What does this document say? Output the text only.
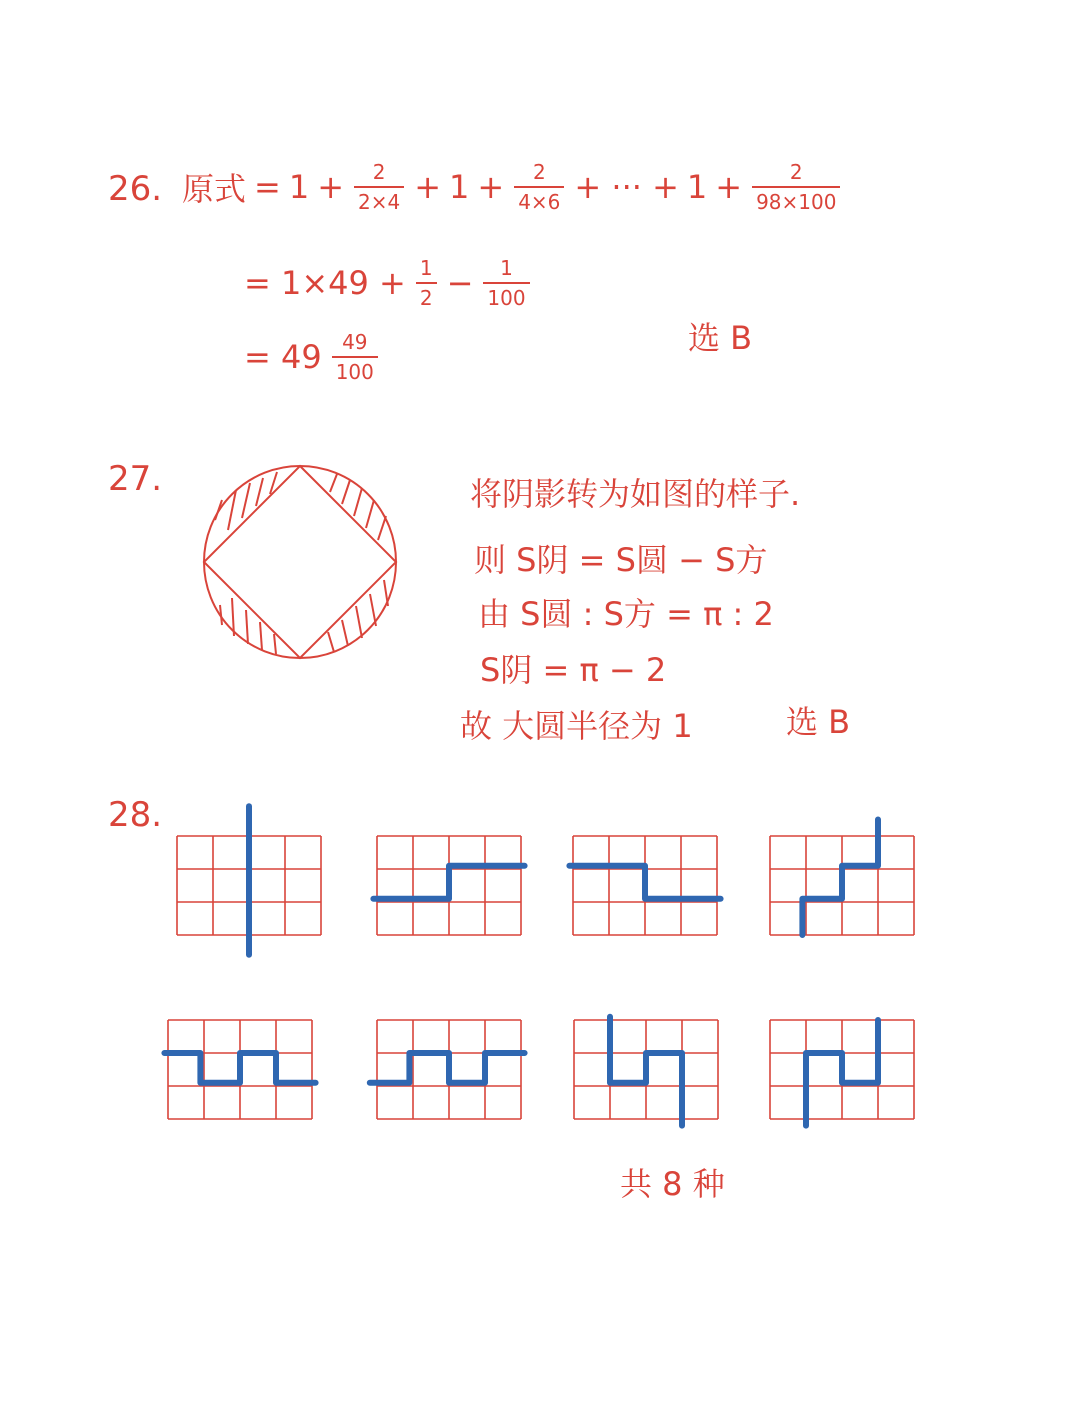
26. 原式 = $1 + \frac{2}{2\times 4} + 1 + \frac{2}{4\times 6}$ + ··· + $1 + \frac{2}{98\times 100}$
= $1\times 49 + \frac{1}{2} - \frac{1}{100}$
= $49 \frac{49}{100}$	选 B
27.	将阴影转为如图的样子.
则 S阴 = S圆 − S方
由 S圆 : S方 = π : 2
S阴 = π − 2
故 大圆半径为 1	选 B
28.
共 8 种
